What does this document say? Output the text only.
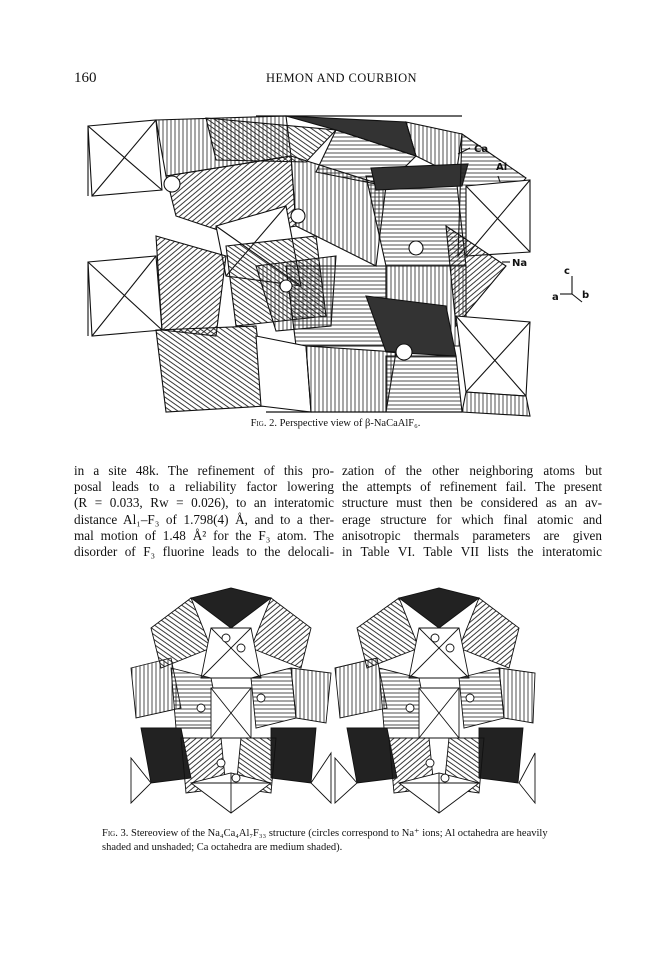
160	HEMON AND COURBION
Ca
Al
Na
c
a b
Fig. 2. Perspective view of β-NaCaAlF₆.
in a site 48k. The refinement of this pro-
posal leads to a reliability factor lowering
(R = 0.033, Rw = 0.026), to an interatomic
distance Al₁–F₃ of 1.798(4) Å, and to a ther-
mal motion of 1.48 Å² for the F₃ atom. The
disorder of F₃ fluorine leads to the delocali-
zation of the other neighboring atoms but
the attempts of refinement fail. The present
structure must then be considered as an av-
erage structure for which final atomic and
anisotropic thermals parameters are given
in Table VI. Table VII lists the interatomic
Fig. 3. Stereoview of the Na₄Ca₄Al₇F₃₃ structure (circles correspond to Na⁺ ions; Al octahedra are heavily shaded and unshaded; Ca octahedra are medium shaded).
